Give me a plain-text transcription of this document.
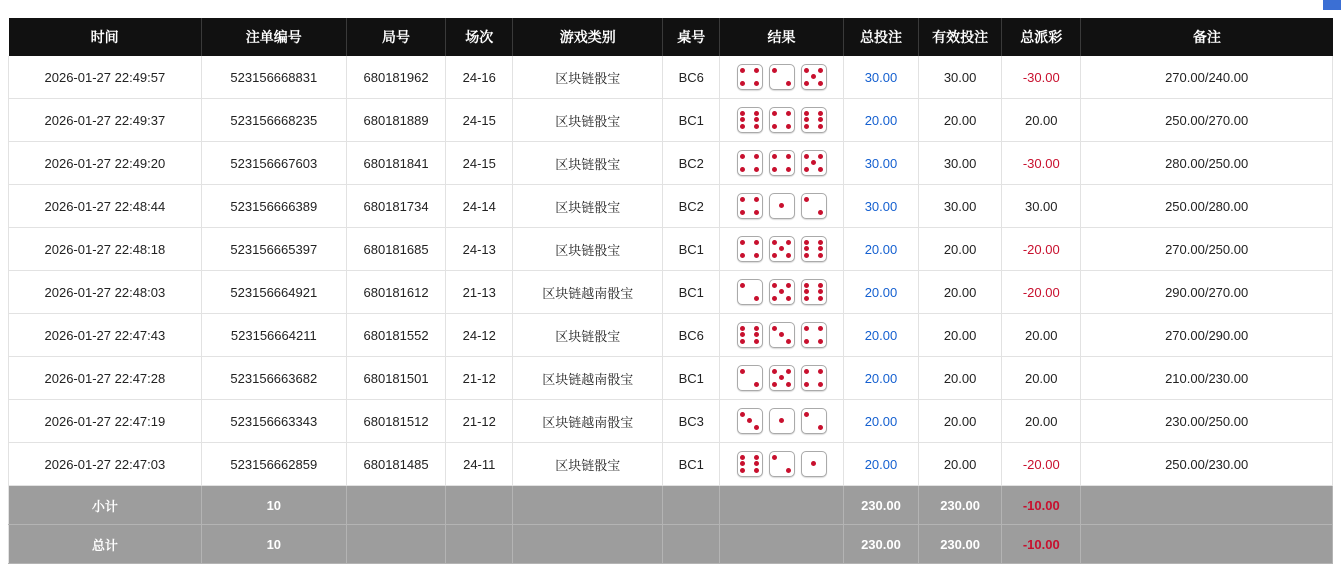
时间	注单编号	局号	场次	游戏类别	桌号	结果	总投注	有效投注	总派彩	备注
2026-01-27 22:49:57	523156668831	680181962	24-16	区块链骰宝	BC6		30.00	30.00	-30.00	270.00/240.00
2026-01-27 22:49:37	523156668235	680181889	24-15	区块链骰宝	BC1		20.00	20.00	20.00	250.00/270.00
2026-01-27 22:49:20	523156667603	680181841	24-15	区块链骰宝	BC2		30.00	30.00	-30.00	280.00/250.00
2026-01-27 22:48:44	523156666389	680181734	24-14	区块链骰宝	BC2		30.00	30.00	30.00	250.00/280.00
2026-01-27 22:48:18	523156665397	680181685	24-13	区块链骰宝	BC1		20.00	20.00	-20.00	270.00/250.00
2026-01-27 22:48:03	523156664921	680181612	21-13	区块链越南骰宝	BC1		20.00	20.00	-20.00	290.00/270.00
2026-01-27 22:47:43	523156664211	680181552	24-12	区块链骰宝	BC6		20.00	20.00	20.00	270.00/290.00
2026-01-27 22:47:28	523156663682	680181501	21-12	区块链越南骰宝	BC1		20.00	20.00	20.00	210.00/230.00
2026-01-27 22:47:19	523156663343	680181512	21-12	区块链越南骰宝	BC3		20.00	20.00	20.00	230.00/250.00
2026-01-27 22:47:03	523156662859	680181485	24-11	区块链骰宝	BC1		20.00	20.00	-20.00	250.00/230.00
小计	10						230.00	230.00	-10.00	
总计	10						230.00	230.00	-10.00	
